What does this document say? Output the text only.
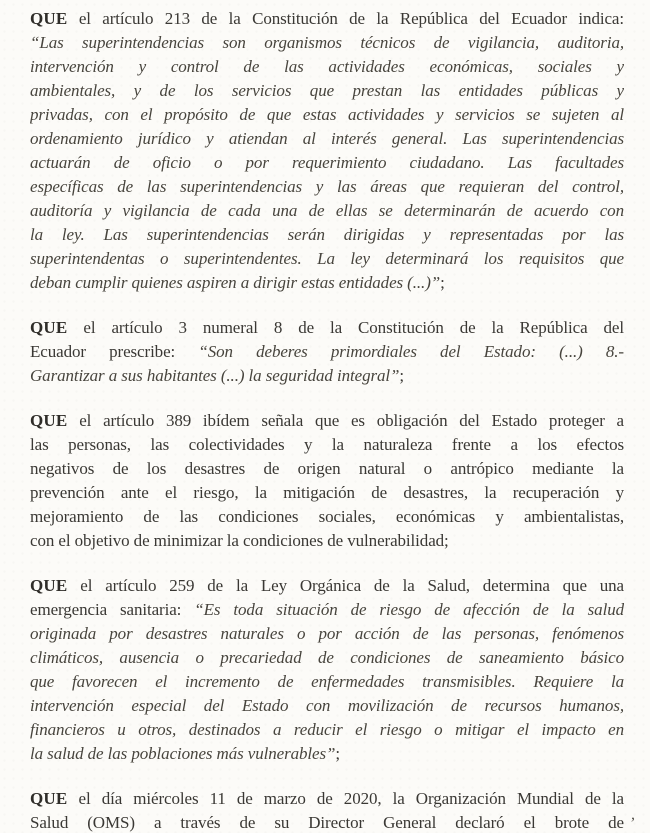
QUE el artículo 213 de la Constitución de la República del Ecuador indica:
“Las superintendencias son organismos técnicos de vigilancia, auditoria,
intervención y control de las actividades económicas, sociales y
ambientales, y de los servicios que prestan las entidades públicas y
privadas, con el propósito de que estas actividades y servicios se sujeten al
ordenamiento jurídico y atiendan al interés general. Las superintendencias
actuarán de oficio o por requerimiento ciudadano. Las facultades
específicas de las superintendencias y las áreas que requieran del control,
auditoría y vigilancia de cada una de ellas se determinarán de acuerdo con
la ley. Las superintendencias serán dirigidas y representadas por las
superintendentas o superintendentes. La ley determinará los requisitos que
deban cumplir quienes aspiren a dirigir estas entidades (...)”;
QUE el artículo 3 numeral 8 de la Constitución de la República del
Ecuador prescribe: “Son deberes primordiales del Estado: (...) 8.-
Garantizar a sus habitantes (...) la seguridad integral”;
QUE el artículo 389 ibídem señala que es obligación del Estado proteger a
las personas, las colectividades y la naturaleza frente a los efectos
negativos de los desastres de origen natural o antrópico mediante la
prevención ante el riesgo, la mitigación de desastres, la recuperación y
mejoramiento de las condiciones sociales, económicas y ambientalistas,
con el objetivo de minimizar la condiciones de vulnerabilidad;
QUE el artículo 259 de la Ley Orgánica de la Salud, determina que una
emergencia sanitaria: “Es toda situación de riesgo de afección de la salud
originada por desastres naturales o por acción de las personas, fenómenos
climáticos, ausencia o precariedad de condiciones de saneamiento básico
que favorecen el incremento de enfermedades transmisibles. Requiere la
intervención especial del Estado con movilización de recursos humanos,
financieros u otros, destinados a reducir el riesgo o mitigar el impacto en
la salud de las poblaciones más vulnerables”;
QUE el día miércoles 11 de marzo de 2020, la Organización Mundial de la
Salud (OMS) a través de su Director General declaró el brote de ,
